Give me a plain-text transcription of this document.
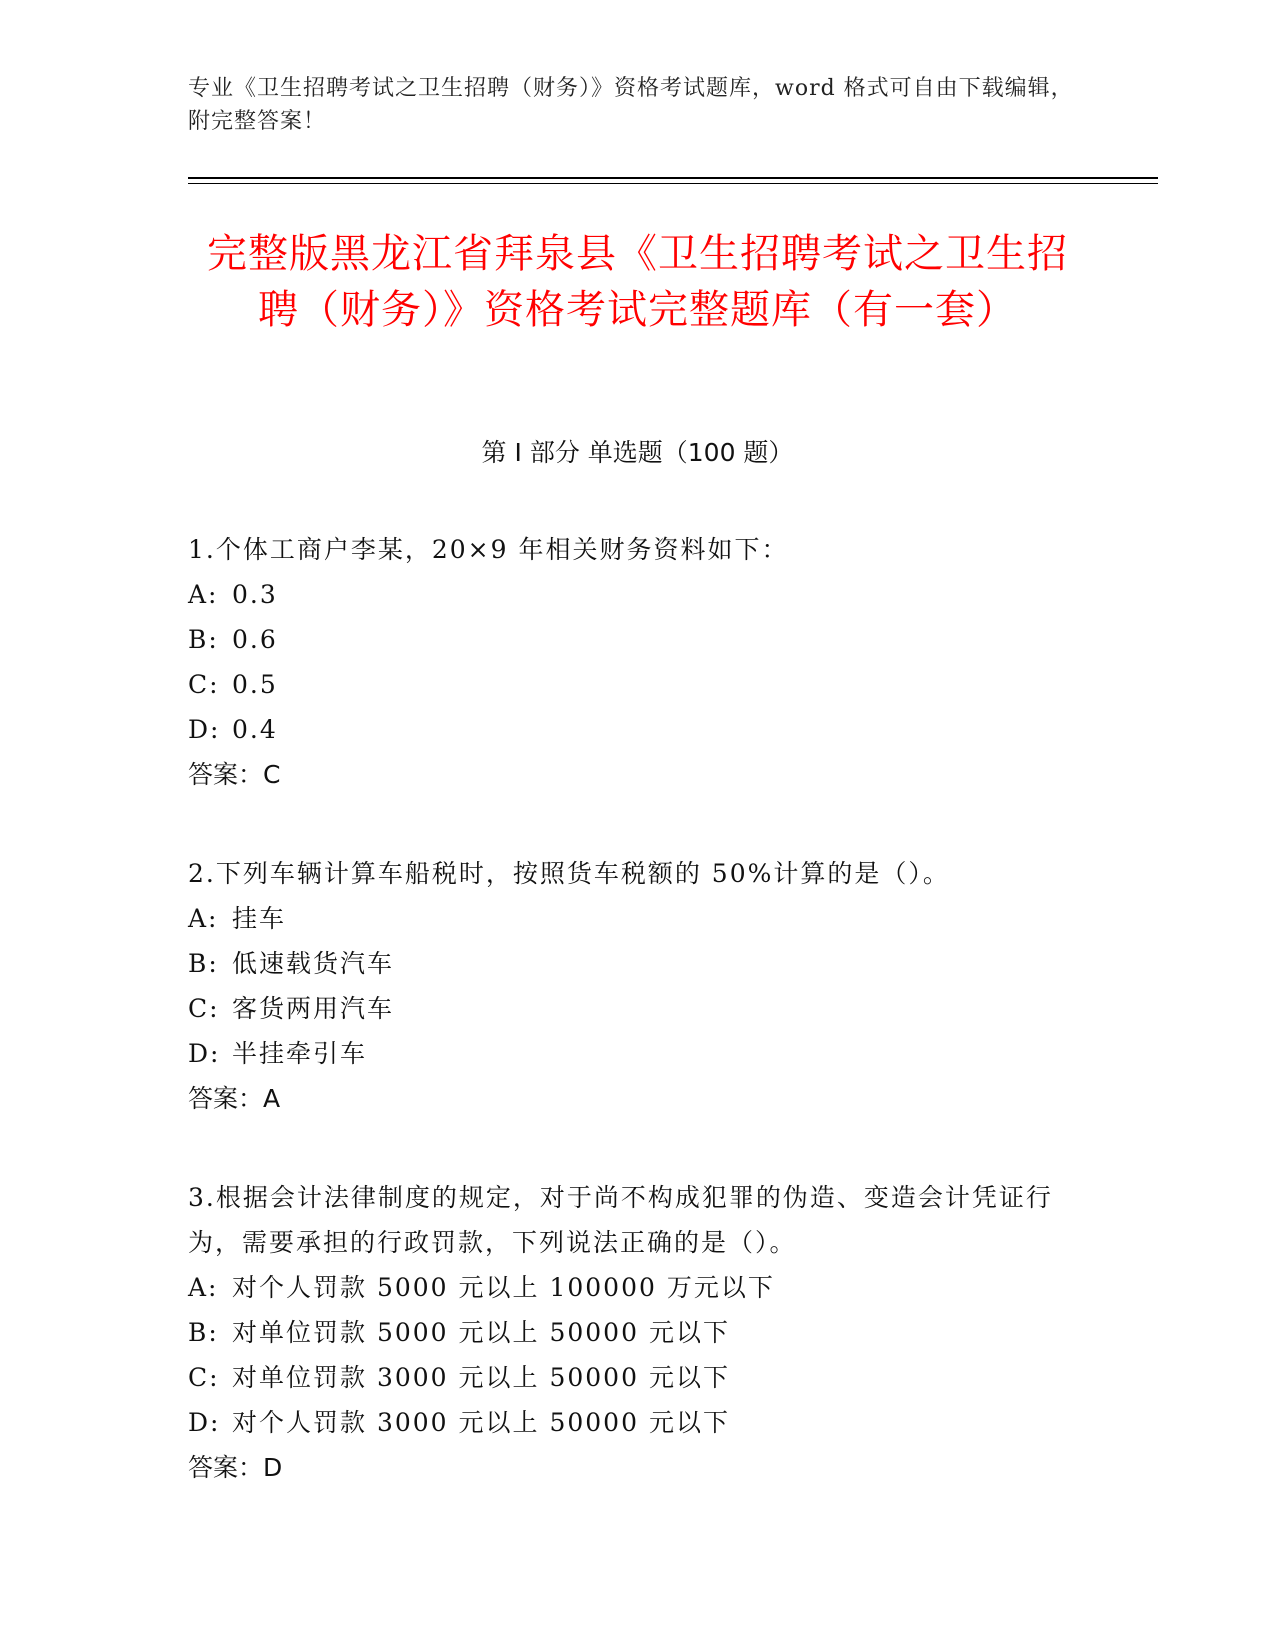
专业《卫生招聘考试之卫生招聘（财务）》资格考试题库，word 格式可自由下载编辑，附完整答案！
完整版黑龙江省拜泉县《卫生招聘考试之卫生招聘（财务）》资格考试完整题库（有一套）
第 I 部分 单选题（100 题）
1.个体工商户李某，20×9 年相关财务资料如下：
A: 0.3
B: 0.6
C: 0.5
D: 0.4
答案：C
2.下列车辆计算车船税时，按照货车税额的 50%计算的是（）。
A: 挂车
B: 低速载货汽车
C: 客货两用汽车
D: 半挂牵引车
答案：A
3.根据会计法律制度的规定，对于尚不构成犯罪的伪造、变造会计凭证行为，需要承担的行政罚款，下列说法正确的是（）。
A: 对个人罚款 5000 元以上 100000 万元以下
B: 对单位罚款 5000 元以上 50000 元以下
C: 对单位罚款 3000 元以上 50000 元以下
D: 对个人罚款 3000 元以上 50000 元以下
答案：D
